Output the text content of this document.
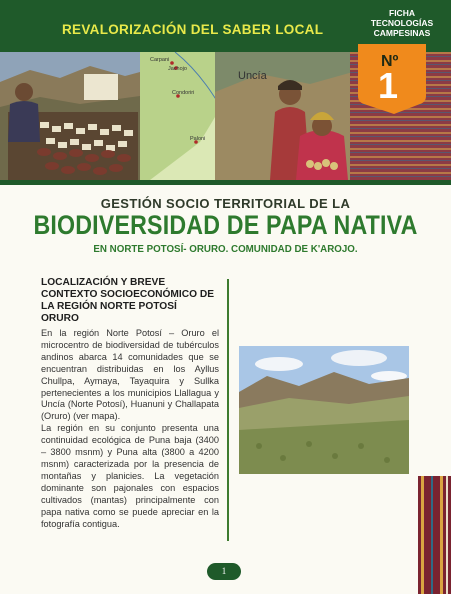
REVALORIZACIÓN DEL SABER LOCAL
FICHA
TECNOLOGÍAS
CAMPESINAS
Carpani
Jachojo
Condoriri
Paloni
Uncía
Nº
1
GESTIÓN SOCIO TERRITORIAL DE LA
BIODIVERSIDAD DE PAPA NATIVA
EN NORTE POTOSÍ- ORURO. COMUNIDAD DE K'AROJO.
LOCALIZACIÓN Y BREVE
CONTEXTO SOCIOECONÓMICO DE
LA REGIÓN NORTE POTOSÍ
ORURO

En la región Norte Potosí – Oruro el microcentro de biodiversidad de tubérculos andinos abarca 14 comunidades que se encuentran distribuidas en los Ayllus Chullpa, Aymaya, Tayaquira y Sullka pertenecientes a los municipios Llallagua y Uncía (Norte Potosí), Huanuni y Challapata (Oruro) (ver mapa).

La región en su conjunto presenta una continuidad ecológica de Puna baja (3400 – 3800 msnm) y Puna alta (3800 a 4200 msnm) caracterizada por la presencia de montañas y planicies. La vegetación dominante son pajonales con espacios cultivados (mantas) principalmente con papa nativa como se puede apreciar en la fotografía contigua.

1
